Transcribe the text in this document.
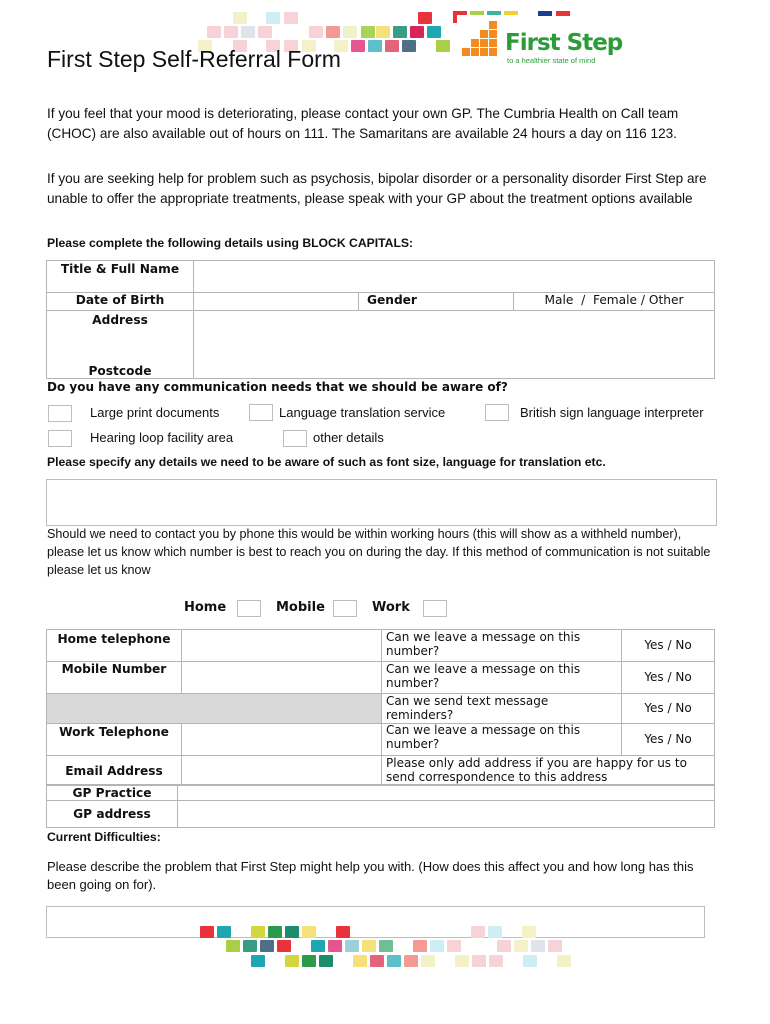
First Step
to a healthier state of mind
First Step Self-Referral Form
If you feel that your mood is deteriorating, please contact your own GP. The Cumbria Health on Call team (CHOC) are also available out of hours on 111. The Samaritans are available 24 hours a day on 116 123.
If you are seeking help for problem such as psychosis, bipolar disorder or a personality disorder First Step are unable to offer the appropriate treatments, please speak with your GP about the treatment options available
Please complete the following details using BLOCK CAPITALS:
Title & Full Name			
Date of Birth		Gender	Male  /  Female / Other
Address			
Postcode			
Do you have any communication needs that we should be aware of?
Large print documents	Language translation service	British sign language interpreter
Hearing loop facility area	other details
Please specify any details we need to be aware of such as font size, language for translation etc.
Should we need to contact you by phone this would be within working hours (this will show as a withheld number), please let us know which number is best to reach you on during the day. If this method of communication is not suitable please let us know
Home	Mobile	Work
Home telephone		Can we leave a message on this number?	Yes / No
Mobile Number		Can we leave a message on this number?	Yes / No
		Can we send text message reminders?	Yes / No
Work Telephone		Can we leave a message on this number?	Yes / No
Email Address		Please only add address if you are happy for us to send correspondence to this address	
GP Practice	
GP address	
Current Difficulties:
Please describe the problem that First Step might help you with. (How does this affect you and how long has this been going on for).
